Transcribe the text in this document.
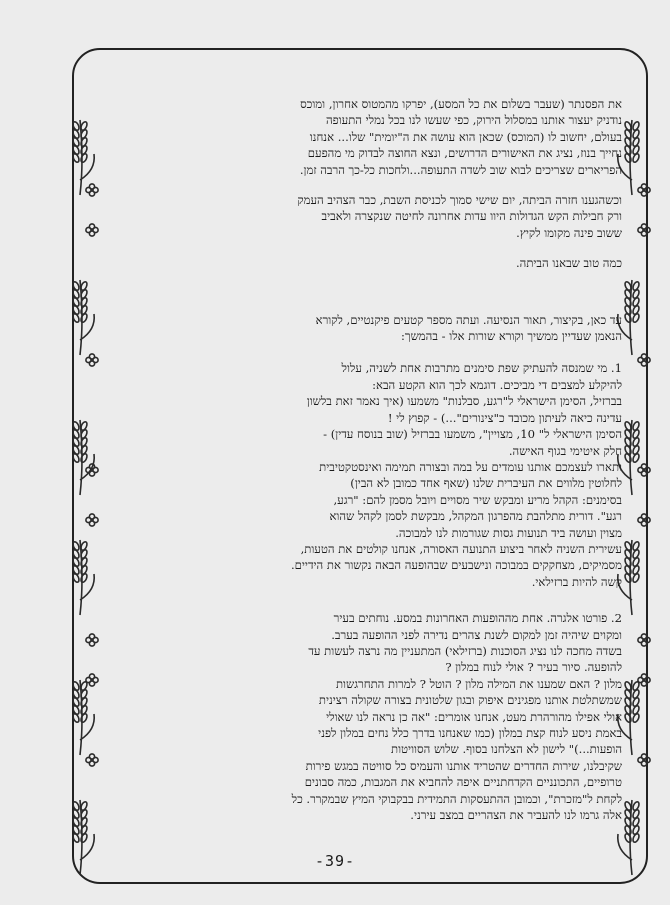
את הפסנתר (שעבר בשלום את כל המסע), יפרקו מהמטוס אחרון, ומוכס
נודניק יעצור אותנו במסלול הירוק, כפי שעשו לנו בכל נמלי התעופה
בעולם, יחשוב לו (המוכס) שכאן הוא עושה את ה"יומית" שלו... אנחנו
נחייך בנוז, נציג את האישורים הדרושים, ונצא החוצה לבדוק מי מהפעם
הפריארים שצריכים לבוא שוב לשדה התעופה...ולחכות כל-כך הרבה זמן.
וכשהגענו חזרה הביתה, יום שישי סמוך לכניסת השבת, כבר הצהיב העמק
ורק חבילות הקש הגדולות היוו עדות אחרונה לחיטה שנקצרה ולאביב
ששוב פינה מקומו לקיץ.
כמה טוב שבאנו הביתה.
עד כאן, בקיצור, תאור הנסיעה. ועתה מספר קטעים פיקנטיים, לקורא
הנאמן שעדיין ממשיך וקורא שורות אלו - בהמשך:
1. מי שמנסה להעתיק שפת סימנים מתרבות אחת לשניה, עלול
להיקלע למצבים די מביכים. דוגמא לכך הוא הקטע הבא:
בברזיל, הסימן הישראלי ל"רגע, סבלנות" משמעו (איך נאמר זאת בלשון
עדינה כיאה לעיתון מכובד כ"צינורים"...) - קפוץ לי !
הסימן הישראלי ל" 10, מצויין", משמעו בברזיל (שוב בנוסח עדין) -
חלק איטימי בגוף האישה.
ותארו לעצמכם אותנו עומדים על במה ובצורה תמימה ואינסטקטיבית
לחלוטין מלווים את העיברית שלנו (שאף אחד כמובן לא הבין)
בסימנים: הקהל מריע ומבקש שיר מסויים ויובל מסמן להם: "רגע,
רגע". דורית מתלהבת מהפרגון המקהל, מבקשת לסמן לקהל שהוא
מצוין ועושה ביד תנועות גסות שגורמות לנו למבוכה.
עשירית השניה לאחר ביצוע התנועה האסורה, אנחנו קולטים את הטעות,
מסמיקים, מצחקקים במבוכה ונישבעים שבהופעה הבאה נקשור את הידיים.
קשה להיות ברזילאי.
2. פורטו אלגרה. אחת מההופעות האחרונות במסע. נוחתים בעיר
ומקוים שיהיה זמן למקום לשנת צהרים נדירה לפני ההופעה בערב.
בשדה מחכה לנו נציג הסוכנות (ברזילאי) המתעניין מה נרצה לעשות עד
להופעה. סיור בעיר ? אולי לנוח במלון ?
מלון ? האם שמענו את המילה מלון ? הוטל ? למרות התחרגשות
שמשתלטת אותנו מפגינים איפוק ובגון שלטונית בצורה שקולה רצינית
אולי אפילו מהורהרת מעט, אנחנו אומרים: "אה כן נראה לנו שאולי
באמת ניסע לנוח קצת במלון (כמו שאנחנו בדרך כלל נחים במלון לפני
הופעות...)" לישון לא הצלחנו בסוף. שלוש הסוויטות
שקיבלנו, שירות החדרים שהטריד אותנו והעמיס כל סוויטה במגש פירות
טרופיים, התכונניים הקדחתניים איפה להחביא את המגבות, כמה סבונים
לקחת ל"מזכרת", וכמובן ההתעסקות התמידית בבקבוקי המיץ שבמקרר. כל
אלה גרמו לנו להעביר את הצהריים במצב עירני.
-39-
